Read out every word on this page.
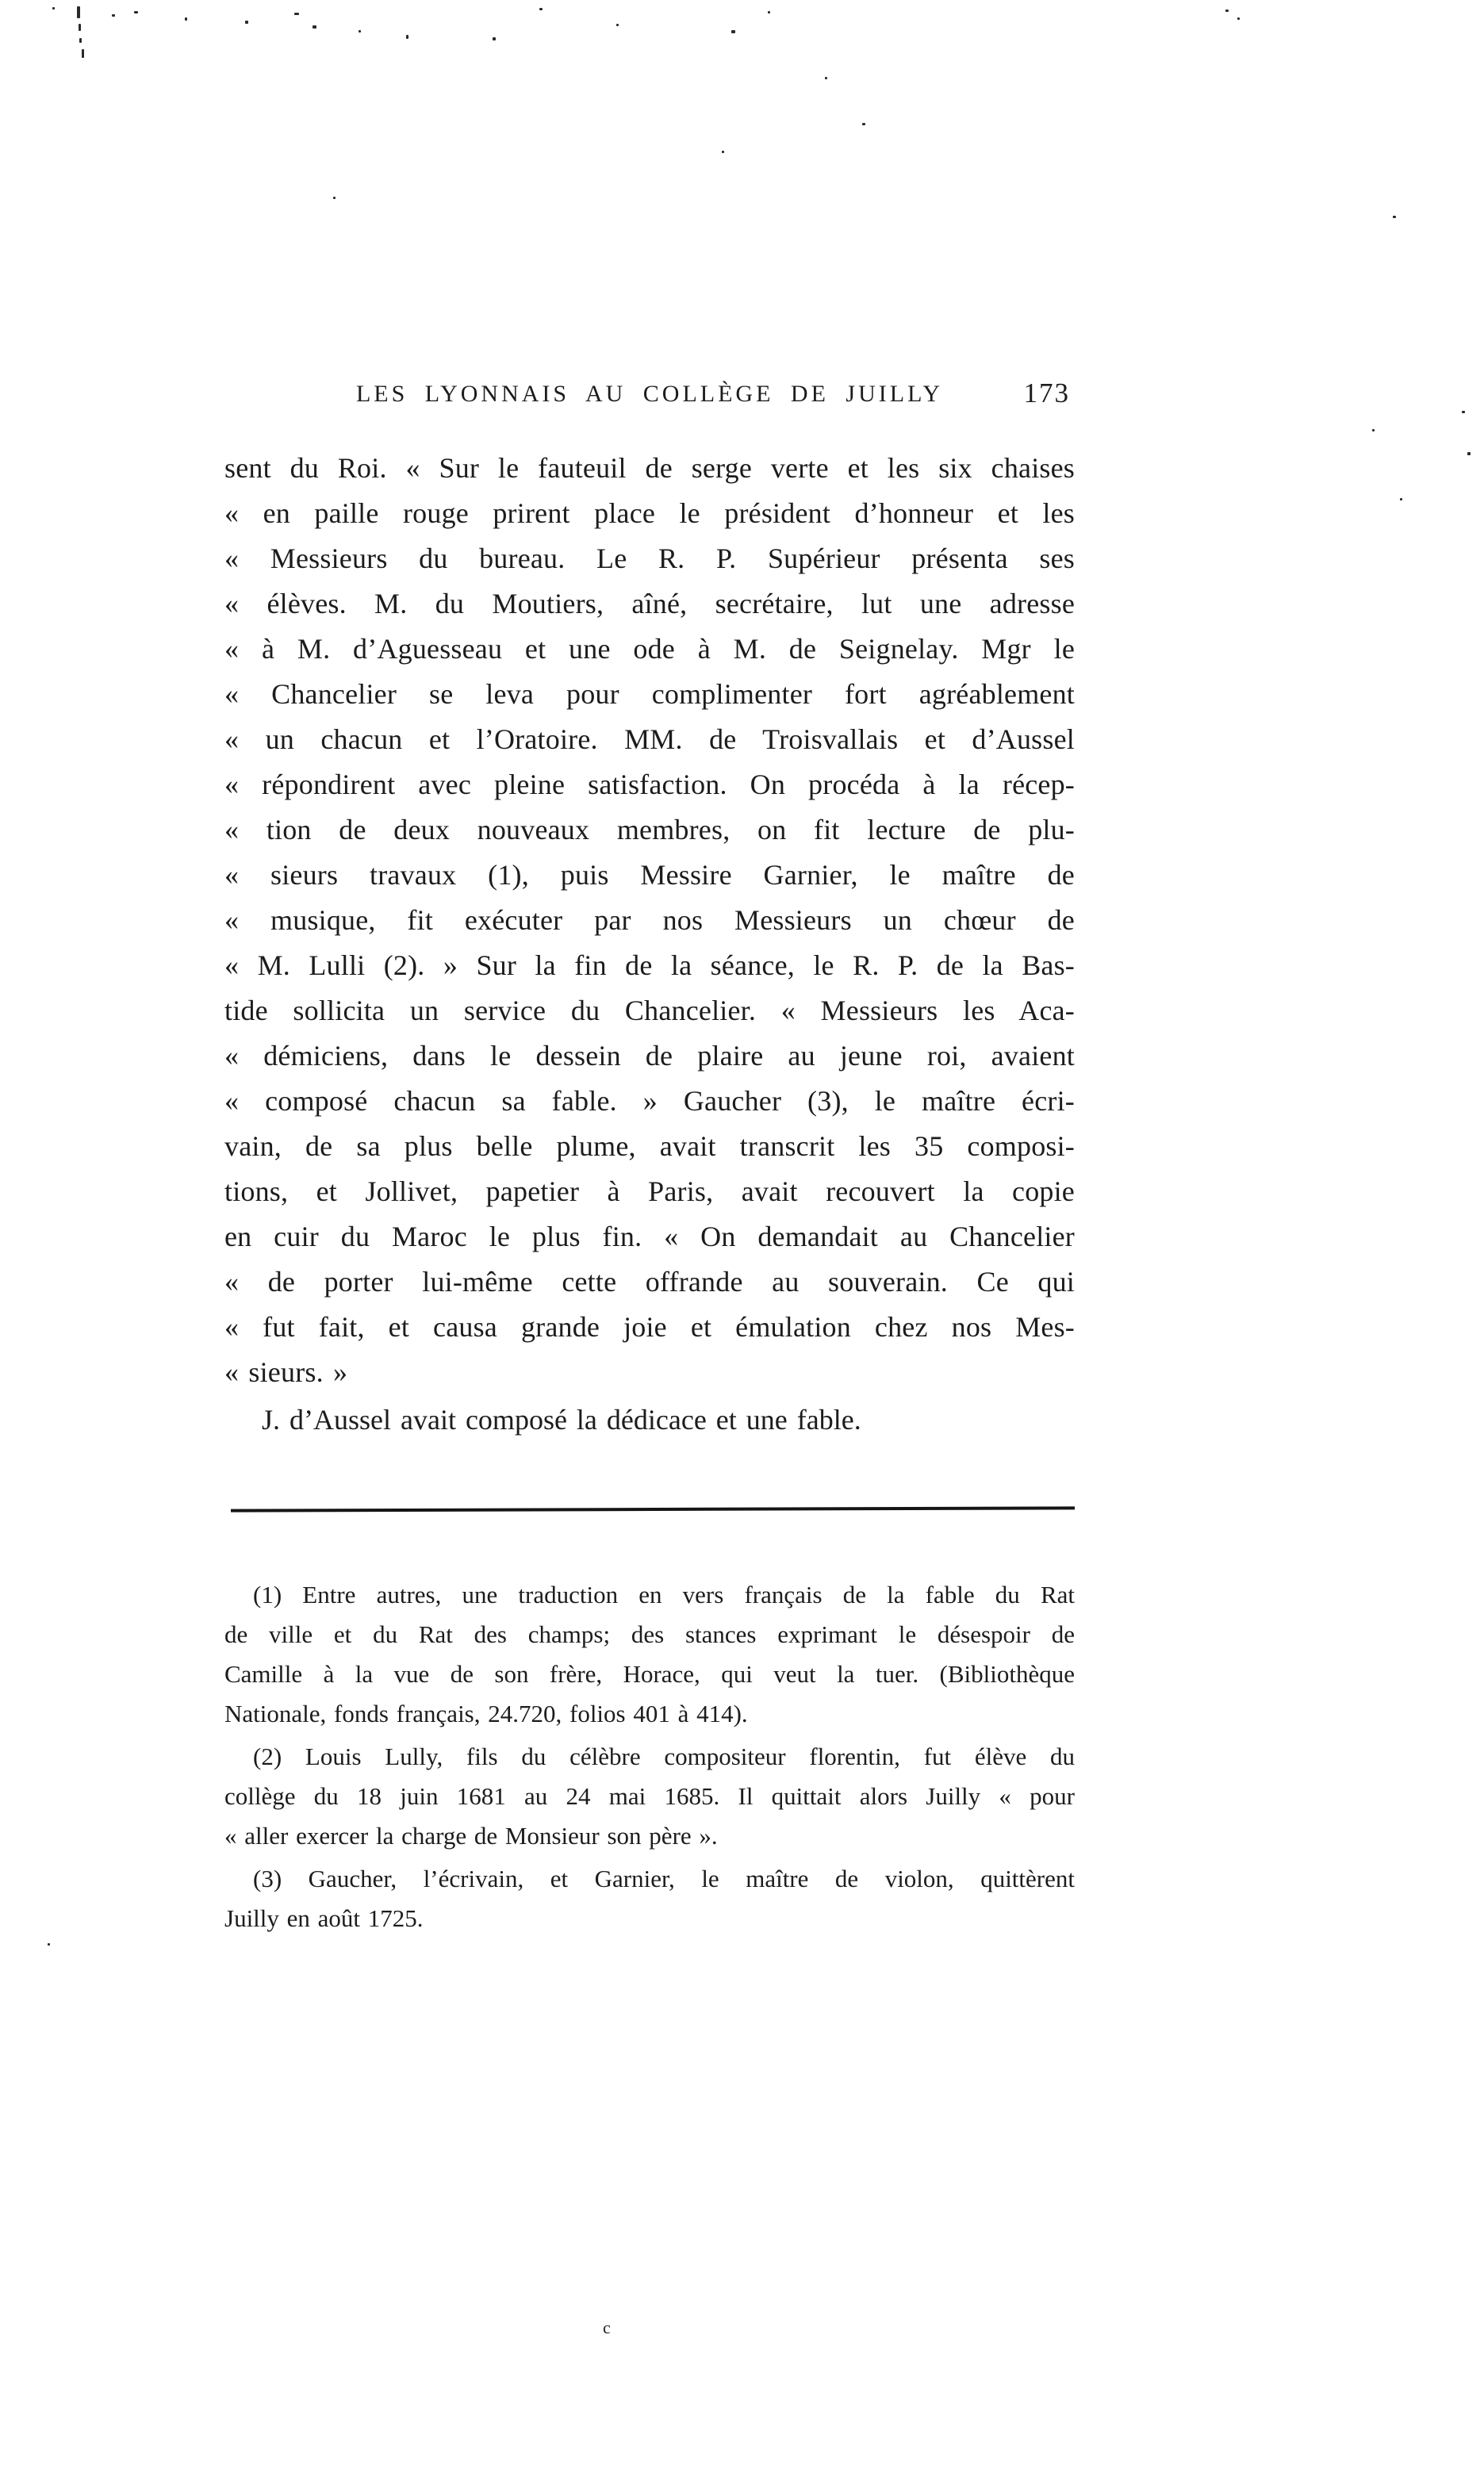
LES LYONNAIS AU COLLÈGE DE JUILLY	173
sent du Roi. « Sur le fauteuil de serge verte et les six chaises
« en paille rouge prirent place le président d’honneur et les
« Messieurs du bureau. Le R. P. Supérieur présenta ses
« élèves. M. du Moutiers, aîné, secrétaire, lut une adresse
« à M. d’Aguesseau et une ode à M. de Seignelay. Mgr le
« Chancelier se leva pour complimenter fort agréablement
« un chacun et l’Oratoire. MM. de Troisvallais et d’Aussel
« répondirent avec pleine satisfaction. On procéda à la récep-
« tion de deux nouveaux membres, on fit lecture de plu-
« sieurs travaux (1), puis Messire Garnier, le maître de
« musique, fit exécuter par nos Messieurs un chœur de
« M. Lulli (2). » Sur la fin de la séance, le R. P. de la Bas-
tide sollicita un service du Chancelier. « Messieurs les Aca-
« démiciens, dans le dessein de plaire au jeune roi, avaient
« composé chacun sa fable. » Gaucher (3), le maître écri-
vain, de sa plus belle plume, avait transcrit les 35 composi-
tions, et Jollivet, papetier à Paris, avait recouvert la copie
en cuir du Maroc le plus fin. « On demandait au Chancelier
« de porter lui-même cette offrande au souverain. Ce qui
« fut fait, et causa grande joie et émulation chez nos Mes-
« sieurs. »
J. d’Aussel avait composé la dédicace et une fable.
(1) Entre autres, une traduction en vers français de la fable du Rat
de ville et du Rat des champs; des stances exprimant le désespoir de
Camille à la vue de son frère, Horace, qui veut la tuer. (Bibliothèque
Nationale, fonds français, 24.720, folios 401 à 414).
(2) Louis Lully, fils du célèbre compositeur florentin, fut élève du
collège du 18 juin 1681 au 24 mai 1685. Il quittait alors Juilly « pour
« aller exercer la charge de Monsieur son père ».
(3) Gaucher, l’écrivain, et Garnier, le maître de violon, quittèrent
Juilly en août 1725.
c
